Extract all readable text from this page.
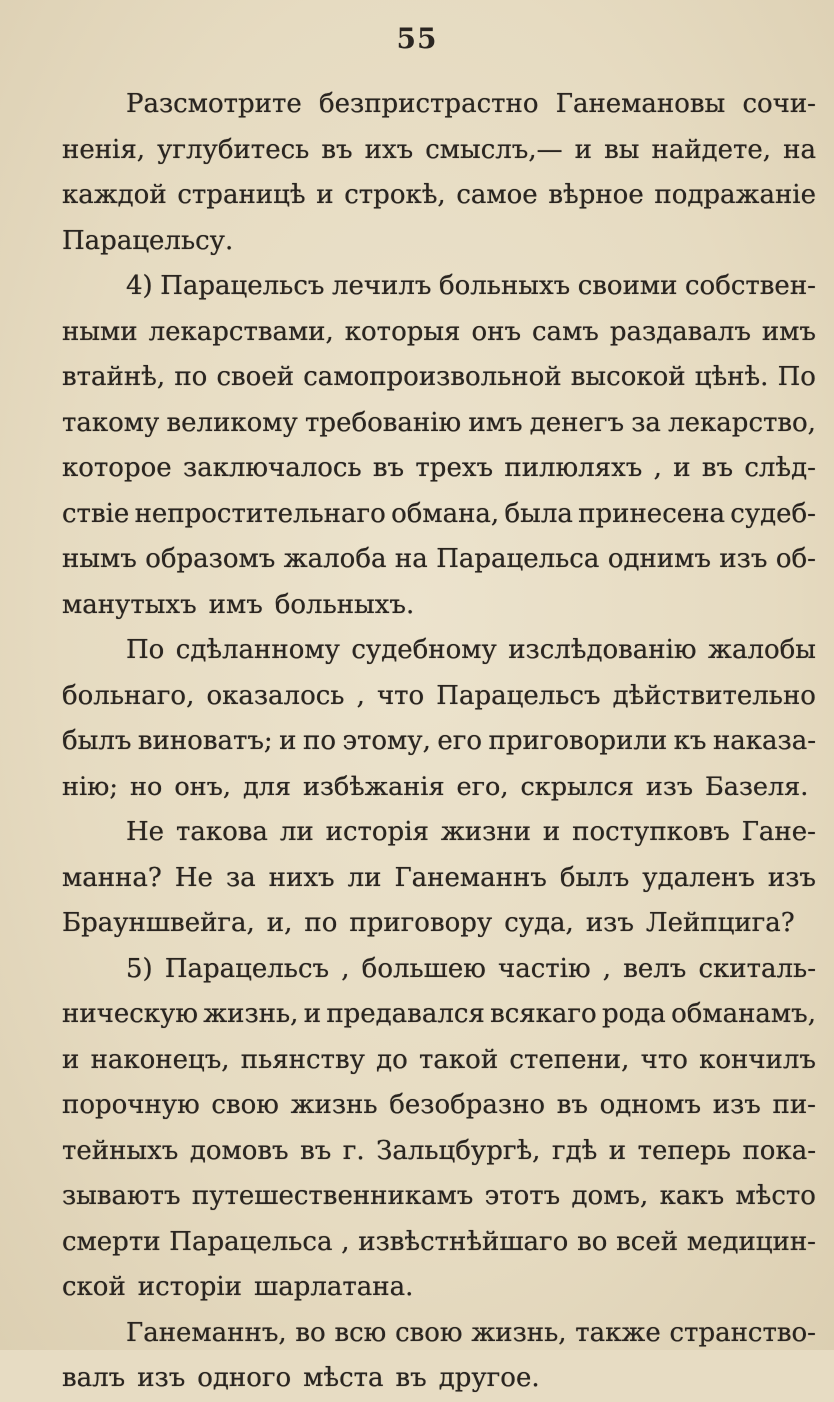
55
Разсмотрите безпристрастно Ганемановы сочи-
ненія, углубитесь въ ихъ смыслъ,— и вы найдете, на
каждой страницѣ и строкѣ, самое вѣрное подражаніе
Парацельсу.
4) Парацельсъ лечилъ больныхъ своими собствен-
ными лекарствами, которыя онъ самъ раздавалъ имъ
втайнѣ, по своей самопроизвольной высокой цѣнѣ. По
такому великому требованію имъ денегъ за лекарство,
которое заключалось въ трехъ пилюляхъ , и въ слѣд-
ствіе непростительнаго обмана, была принесена судеб-
нымъ образомъ жалоба на Парацельса однимъ изъ об-
манутыхъ имъ больныхъ.
По сдѣланному судебному изслѣдованію жалобы
больнаго, оказалось , что Парацельсъ дѣйствительно
былъ виноватъ; и по этому, его приговорили къ наказа-
нію; но онъ, для избѣжанія его, скрылся изъ Базеля.
Не такова ли исторія жизни и поступковъ Гане-
манна? Не за нихъ ли Ганеманнъ былъ удаленъ изъ
Брауншвейга, и, по приговору суда, изъ Лейпцига?
5) Парацельсъ , большею частію , велъ скиталь-
ническую жизнь, и предавался всякаго рода обманамъ,
и наконецъ, пьянству до такой степени, что кончилъ
порочную свою жизнь безобразно въ одномъ изъ пи-
тейныхъ домовъ въ г. Зальцбургѣ, гдѣ и теперь пока-
зываютъ путешественникамъ этотъ домъ, какъ мѣсто
смерти Парацельса , извѣстнѣйшаго во всей медицин-
ской исторіи шарлатана.
Ганеманнъ, во всю свою жизнь, также странство-
валъ изъ одного мѣста въ другое.
